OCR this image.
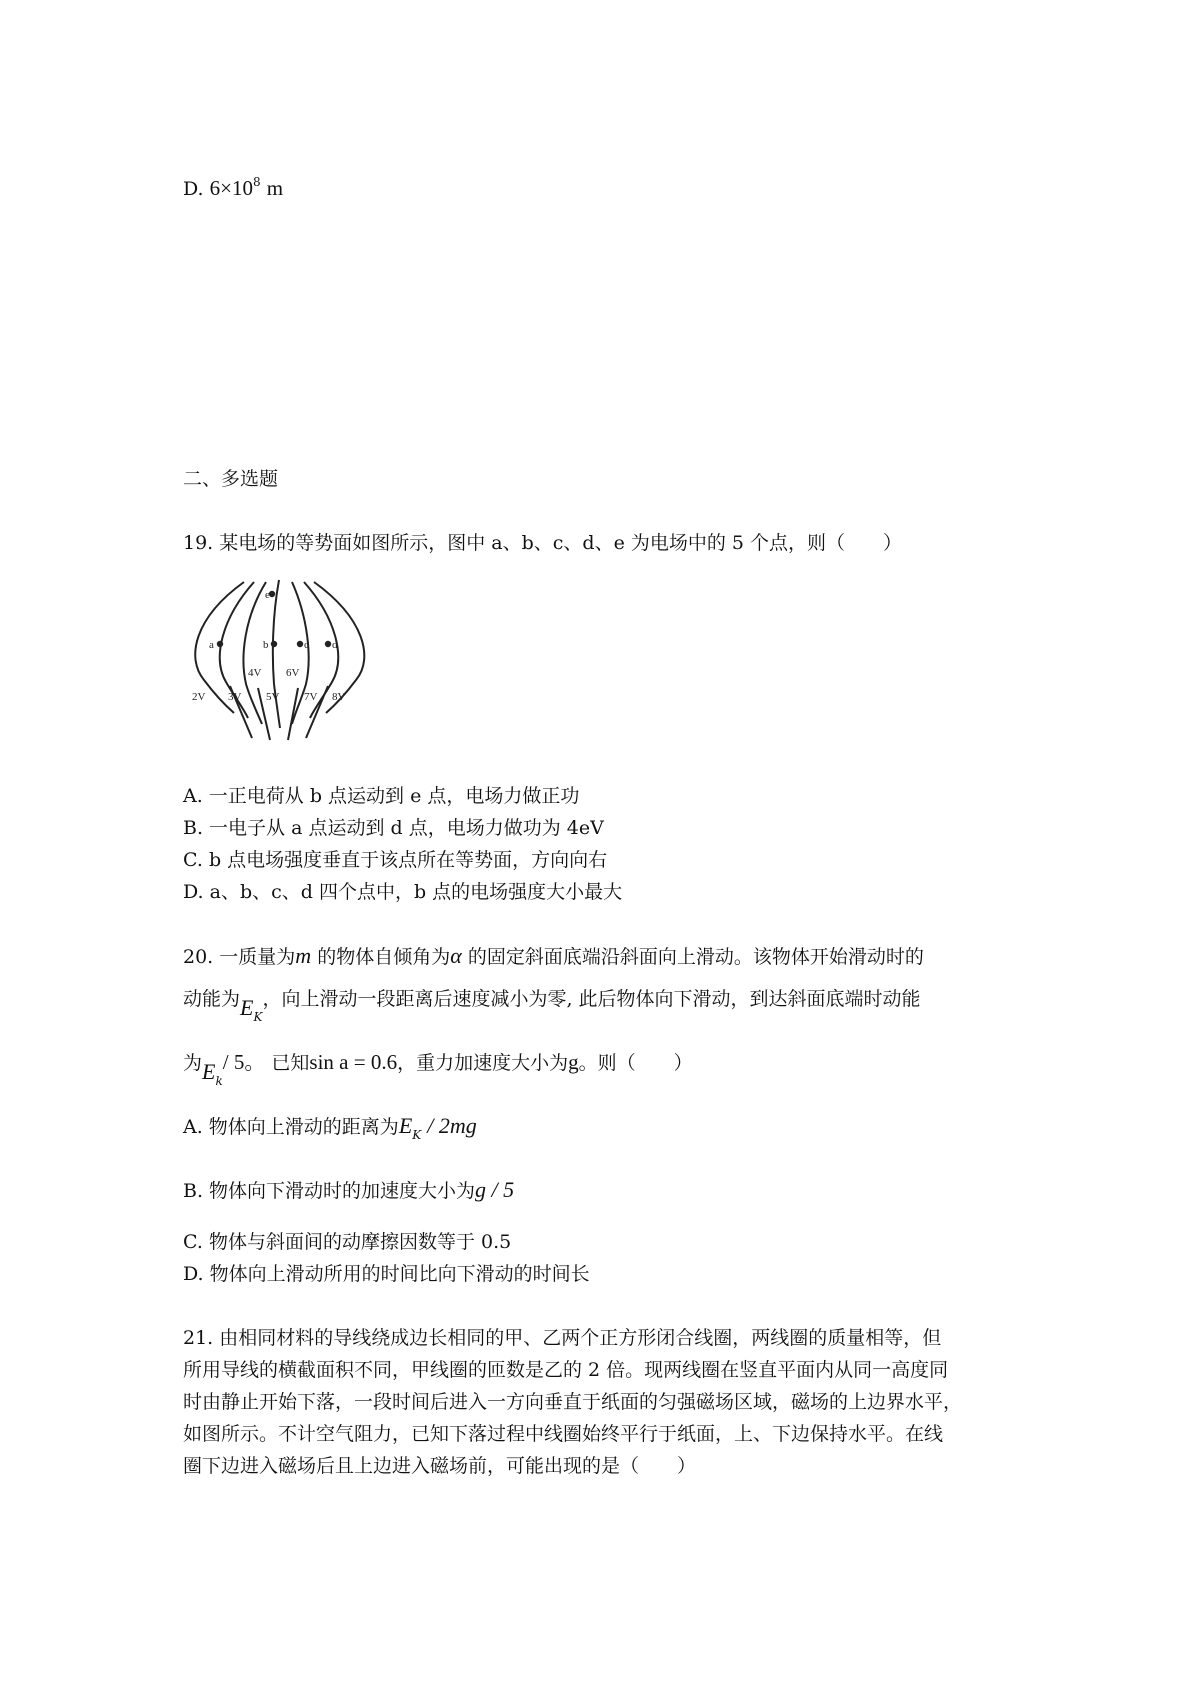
D. $6\times 10^8$ m
二、多选题
19. 某电场的等势面如图所示，图中 a、b、c、d、e 为电场中的 5 个点，则（　　）
e
a	b	c d
4V 6V
2V 3V 5V 7V 8V
A. 一正电荷从 b 点运动到 e 点，电场力做正功
B. 一电子从 a 点运动到 d 点，电场力做功为 4eV
C. b 点电场强度垂直于该点所在等势面，方向向右
D. a、b、c、d 四个点中，b 点的电场强度大小最大
20. 一质量为m 的物体自倾角为α 的固定斜面底端沿斜面向上滑动。该物体开始滑动时的
动能为$E_K$，向上滑动一段距离后速度减小为零, 此后物体向下滑动，到达斜面底端时动能
为$E_k/$ 5。 已知sin a = 0.6，重力加速度大小为g。则（　　）
A. 物体向上滑动的距离为$E_K / 2mg$
B. 物体向下滑动时的加速度大小为g / 5
C. 物体与斜面间的动摩擦因数等于 0.5
D. 物体向上滑动所用的时间比向下滑动的时间长
21. 由相同材料的导线绕成边长相同的甲、乙两个正方形闭合线圈，两线圈的质量相等，但
所用导线的横截面积不同，甲线圈的匝数是乙的 2 倍。现两线圈在竖直平面内从同一高度同
时由静止开始下落，一段时间后进入一方向垂直于纸面的匀强磁场区域，磁场的上边界水平，
如图所示。不计空气阻力，已知下落过程中线圈始终平行于纸面，上、下边保持水平。在线
圈下边进入磁场后且上边进入磁场前，可能出现的是（　　）
